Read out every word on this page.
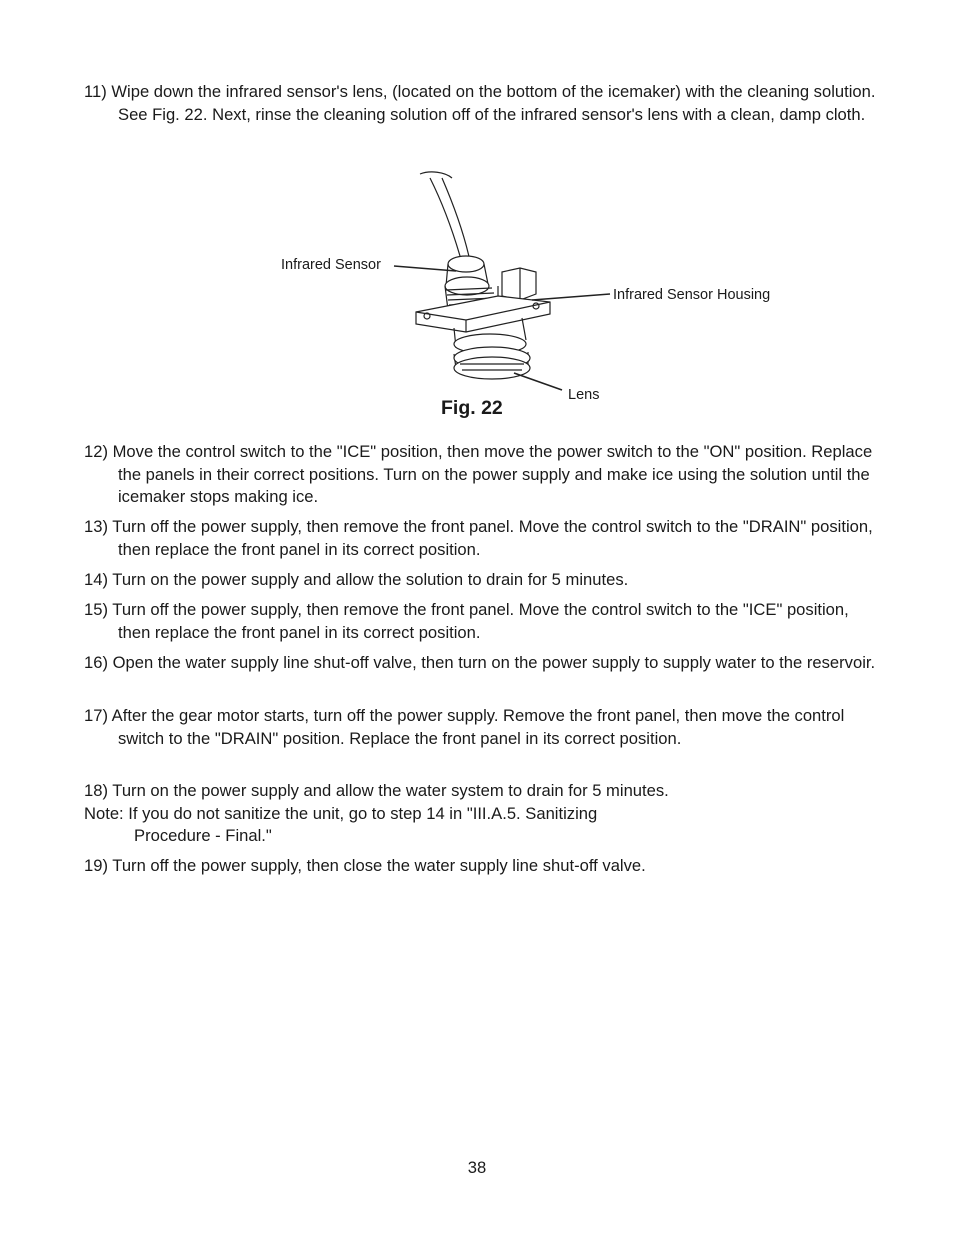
11) Wipe down the infrared sensor's lens, (located on the bottom of the icemaker) with the cleaning solution. See Fig. 22. Next, rinse the cleaning solution off of the infrared sensor's lens with a clean, damp cloth.

Infrared Sensor
Infrared Sensor Housing
Lens
Fig. 22

12) Move the control switch to the "ICE" position, then move the power switch to the "ON" position. Replace the panels in their correct positions. Turn on the power supply and make ice using the solution until the icemaker stops making ice.

13) Turn off the power supply, then remove the front panel. Move the control switch to the "DRAIN" position, then replace the front panel in its correct position.

14) Turn on the power supply and allow the solution to drain for 5 minutes.

15) Turn off the power supply, then remove the front panel. Move the control switch to the "ICE" position, then replace the front panel in its correct position.

16) Open the water supply line shut-off valve, then turn on the power supply to supply water to the reservoir.

17) After the gear motor starts, turn off the power supply. Remove the front panel, then move the control switch to the "DRAIN" position. Replace the front panel in its correct position.

18) Turn on the power supply and allow the water system to drain for 5 minutes.
Note: If you do not sanitize the unit, go to step 14 in "III.A.5. Sanitizing
Procedure - Final."

19) Turn off the power supply, then close the water supply line shut-off valve.

38
